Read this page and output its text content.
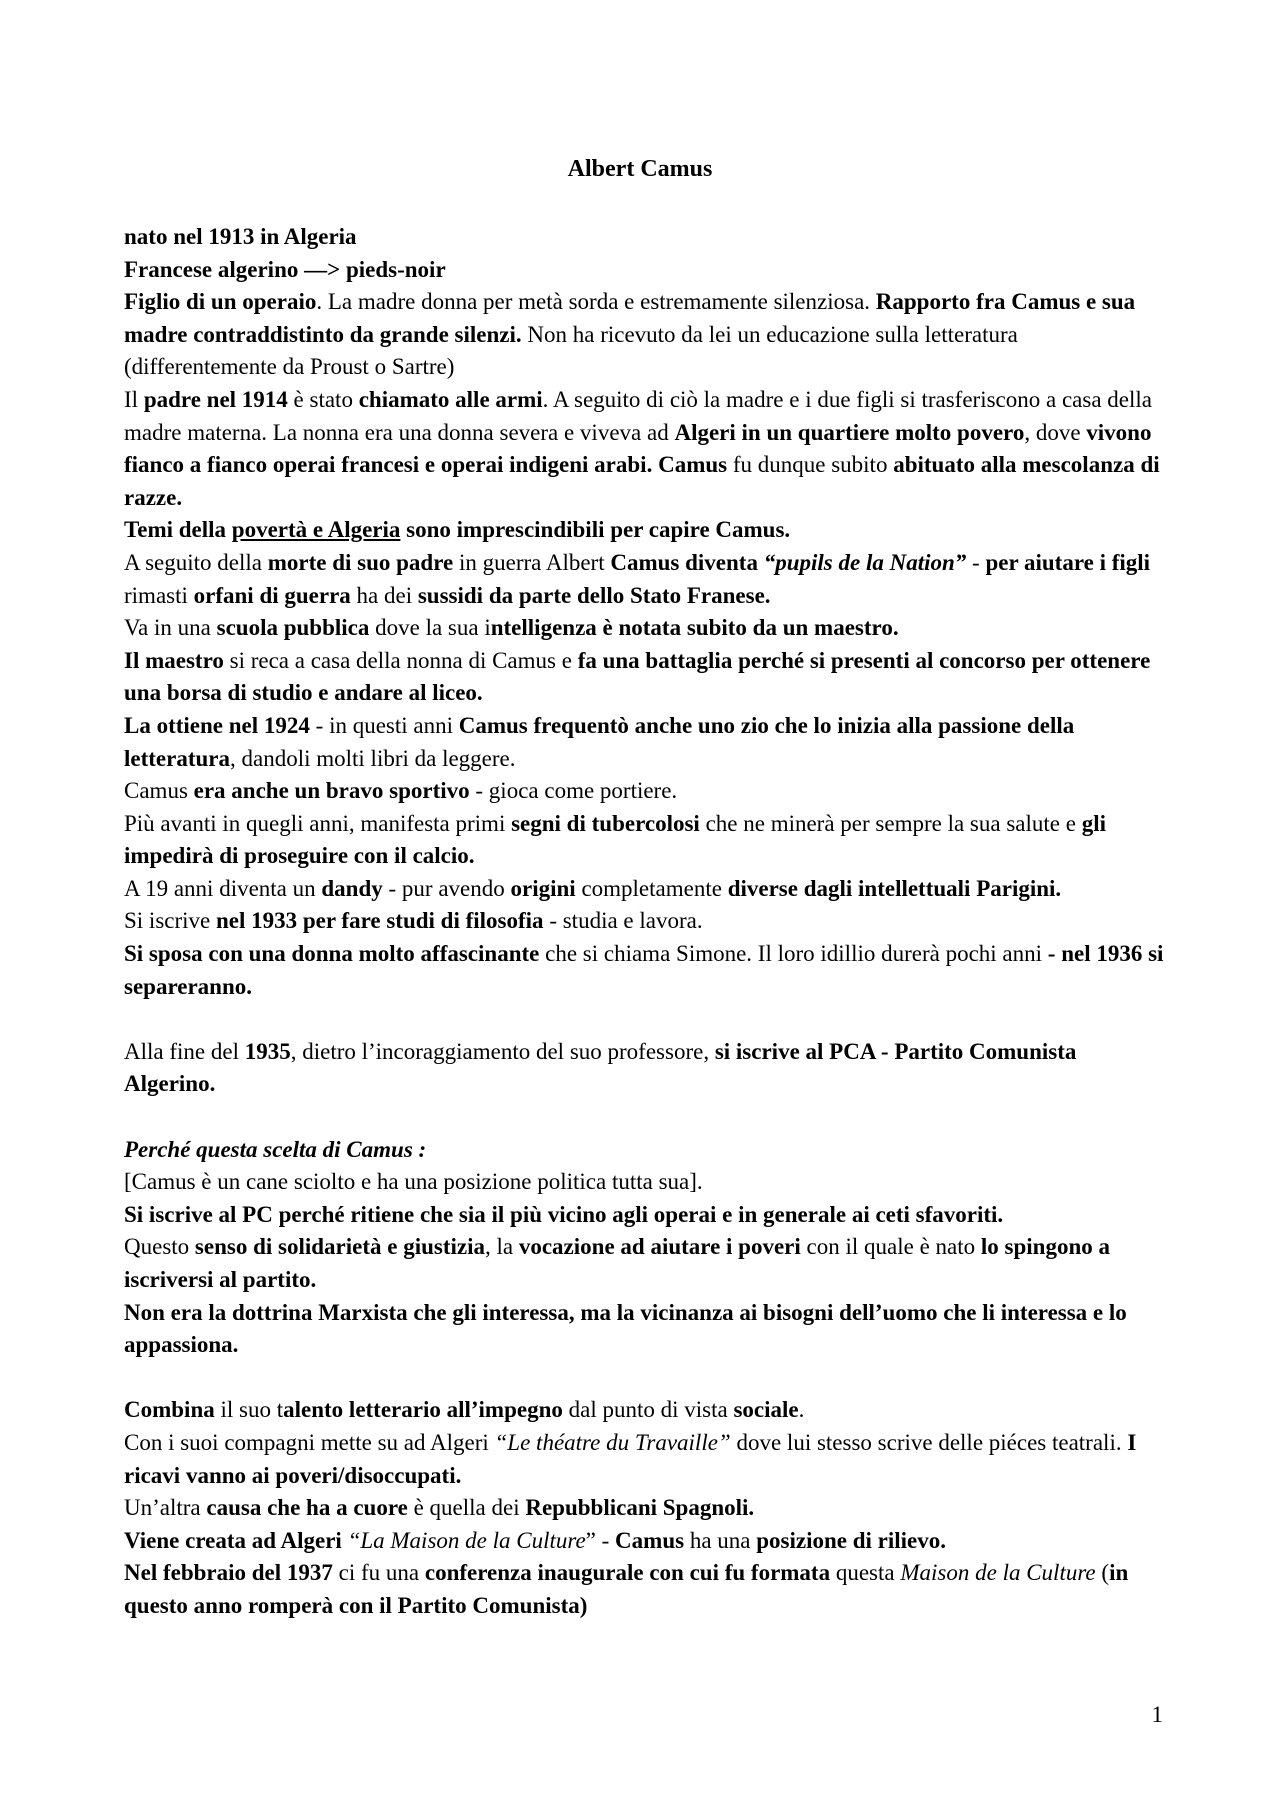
Albert Camus

nato nel 1913 in Algeria

Francese algerino —> pieds-noir

Figlio di un operaio. La madre donna per metà sorda e estremamente silenziosa. Rapporto fra Camus e sua madre contraddistinto da grande silenzi. Non ha ricevuto da lei un educazione sulla letteratura (differentemente da Proust o Sartre)

Il padre nel 1914 è stato chiamato alle armi. A seguito di ciò la madre e i due figli si trasferiscono a casa della madre materna. La nonna era una donna severa e viveva ad Algeri in un quartiere molto povero, dove vivono fianco a fianco operai francesi e operai indigeni arabi. Camus fu dunque subito abituato alla mescolanza di razze.

Temi della povertà e Algeria sono imprescindibili per capire Camus.

A seguito della morte di suo padre in guerra Albert Camus diventa “pupils de la Nation” - per aiutare i figli rimasti orfani di guerra ha dei sussidi da parte dello Stato Franese.

Va in una scuola pubblica dove la sua intelligenza è notata subito da un maestro.

Il maestro si reca a casa della nonna di Camus e fa una battaglia perché si presenti al concorso per ottenere una borsa di studio e andare al liceo.

La ottiene nel 1924 - in questi anni Camus frequentò anche uno zio che lo inizia alla passione della letteratura, dandoli molti libri da leggere.

Camus era anche un bravo sportivo - gioca come portiere.

Più avanti in quegli anni, manifesta primi segni di tubercolosi che ne minerà per sempre la sua salute e gli impedirà di proseguire con il calcio.

A 19 anni diventa un dandy - pur avendo origini completamente diverse dagli intellettuali Parigini.

Si iscrive nel 1933 per fare studi di filosofia - studia e lavora.

Si sposa con una donna molto affascinante che si chiama Simone. Il loro idillio durerà pochi anni - nel 1936 si separeranno.

Alla fine del 1935, dietro l’incoraggiamento del suo professore, si iscrive al PCA - Partito Comunista Algerino.

Perché questa scelta di Camus :

[Camus è un cane sciolto e ha una posizione politica tutta sua].

Si iscrive al PC perché ritiene che sia il più vicino agli operai e in generale ai ceti sfavoriti.

Questo senso di solidarietà e giustizia, la vocazione ad aiutare i poveri con il quale è nato lo spingono a iscriversi al partito.

Non era la dottrina Marxista che gli interessa, ma la vicinanza ai bisogni dell’uomo che li interessa e lo appassiona.

Combina il suo talento letterario all’impegno dal punto di vista sociale.

Con i suoi compagni mette su ad Algeri “Le théatre du Travaille” dove lui stesso scrive delle piéces teatrali. I ricavi vanno ai poveri/disoccupati.

Un’altra causa che ha a cuore è quella dei Repubblicani Spagnoli.

Viene creata ad Algeri “La Maison de la Culture” - Camus ha una posizione di rilievo.

Nel febbraio del 1937 ci fu una conferenza inaugurale con cui fu formata questa Maison de la Culture (in questo anno romperà con il Partito Comunista)

1
